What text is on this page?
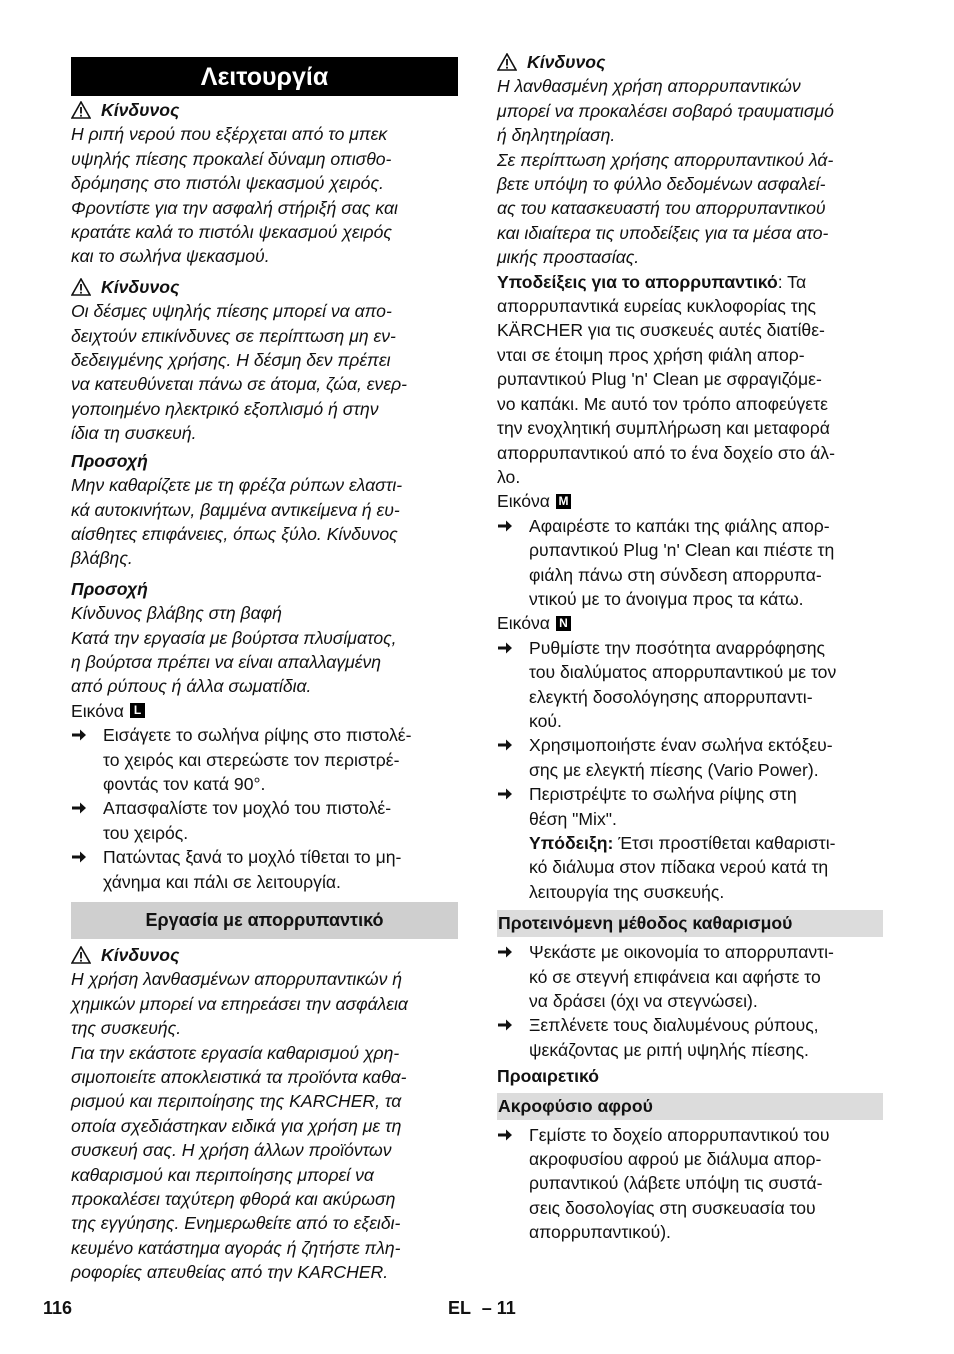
Λειτουργία
Κίνδυνος

Η ριπή νερού που εξέρχεται από το μπεκ

υψηλής πίεσης προκαλεί δύναμη οπισθο-

δρόμησης στο πιστόλι ψεκασμού χειρός.

Φροντίστε για την ασφαλή στήριξή σας και

κρατάτε καλά το πιστόλι ψεκασμού χειρός

και το σωλήνα ψεκασμού.

Κίνδυνος

Οι δέσμες υψηλής πίεσης μπορεί να απο-

δειχτούν επικίνδυνες σε περίπτωση μη εν-

δεδειγμένης χρήσης. Η δέσμη δεν πρέπει

να κατευθύνεται πάνω σε άτομα, ζώα, ενερ-

γοποιημένο ηλεκτρικό εξοπλισμό ή στην

ίδια τη συσκευή.

Προσοχή

Μην καθαρίζετε με τη φρέζα ρύπων ελαστι-

κά αυτοκινήτων, βαμμένα αντικείμενα ή ευ-

αίσθητες επιφάνειες, όπως ξύλο. Κίνδυνος

βλάβης.

Προσοχή

Κίνδυνος βλάβης στη βαφή

Κατά την εργασία με βούρτσα πλυσίματος,

η βούρτσα πρέπει να είναι απαλλαγμένη

από ρύπους ή άλλα σωματίδια.

Εικόνα L

Εισάγετε το σωλήνα ρίψης στο πιστολέ-

το χειρός και στερεώστε τον περιστρέ-

φοντάς τον κατά 90°.

Απασφαλίστε τον μοχλό του πιστολέ-

του χειρός.

Πατώντας ξανά το μοχλό τίθεται το μη-

χάνημα και πάλι σε λειτουργία.

Εργασία με απορρυπαντικό
Κίνδυνος

Η χρήση λανθασμένων απορρυπαντικών ή

χημικών μπορεί να επηρεάσει την ασφάλεια

της συσκευής.

Για την εκάστοτε εργασία καθαρισμού χρη-

σιμοποιείτε αποκλειστικά τα προϊόντα καθα-

ρισμού και περιποίησης της KARCHER, τα

οποία σχεδιάστηκαν ειδικά για χρήση με τη

συσκευή σας. Η χρήση άλλων προϊόντων

καθαρισμού και περιποίησης μπορεί να

προκαλέσει ταχύτερη φθορά και ακύρωση

της εγγύησης. Ενημερωθείτε από το εξειδι-

κευμένο κατάστημα αγοράς ή ζητήστε πλη-

ροφορίες απευθείας από την KARCHER.

Κίνδυνος

Η λανθασμένη χρήση απορρυπαντικών

μπορεί να προκαλέσει σοβαρό τραυματισμό

ή δηλητηρίαση.

Σε περίπτωση χρήσης απορρυπαντικού λά-

βετε υπόψη το φύλλο δεδομένων ασφαλεί-

ας του κατασκευαστή του απορρυπαντικού

και ιδιαίτερα τις υποδείξεις για τα μέσα ατο-

μικής προστασίας.

Υποδείξεις για το απορρυπαντικό: Τα

απορρυπαντικά ευρείας κυκλοφορίας της

KÄRCHER για τις συσκευές αυτές διατίθε-

νται σε έτοιμη προς χρήση φιάλη απορ-

ρυπαντικού Plug 'n' Clean με σφραγιζόμε-

νο καπάκι. Με αυτό τον τρόπο αποφεύγετε

την ενοχλητική συμπλήρωση και μεταφορά

απορρυπαντικού από το ένα δοχείο στο άλ-

λο.

Εικόνα M

Αφαιρέστε το καπάκι της φιάλης απορ-

ρυπαντικού Plug 'n' Clean και πιέστε τη

φιάλη πάνω στη σύνδεση απορρυπα-

ντικού με το άνοιγμα προς τα κάτω.

Εικόνα N

Ρυθμίστε την ποσότητα αναρρόφησης

του διαλύματος απορρυπαντικού με τον

ελεγκτή δοσολόγησης απορρυπαντι-

κού.

Χρησιμοποιήστε έναν σωλήνα εκτόξευ-

σης με ελεγκτή πίεσης (Vario Power).

Περιστρέψτε το σωλήνα ρίψης στη

θέση "Mix".

Υπόδειξη: Έτσι προστίθεται καθαριστι-

κό διάλυμα στον πίδακα νερού κατά τη

λειτουργία της συσκευής.

Προτεινόμενη μέθοδος καθαρισμού

Ψεκάστε με οικονομία το απορρυπαντι-

κό σε στεγνή επιφάνεια και αφήστε το

να δράσει (όχι να στεγνώσει).

Ξεπλένετε τους διαλυμένους ρύπους,

ψεκάζοντας με ριπή υψηλής πίεσης.

Προαιρετικό
Ακροφύσιο αφρού

Γεμίστε το δοχείο απορρυπαντικού του

ακροφυσίου αφρού με διάλυμα απορ-

ρυπαντικού (λάβετε υπόψη τις συστά-

σεις δοσολογίας στη συσκευασία του

απορρυπαντικού).

116	EL – 11
